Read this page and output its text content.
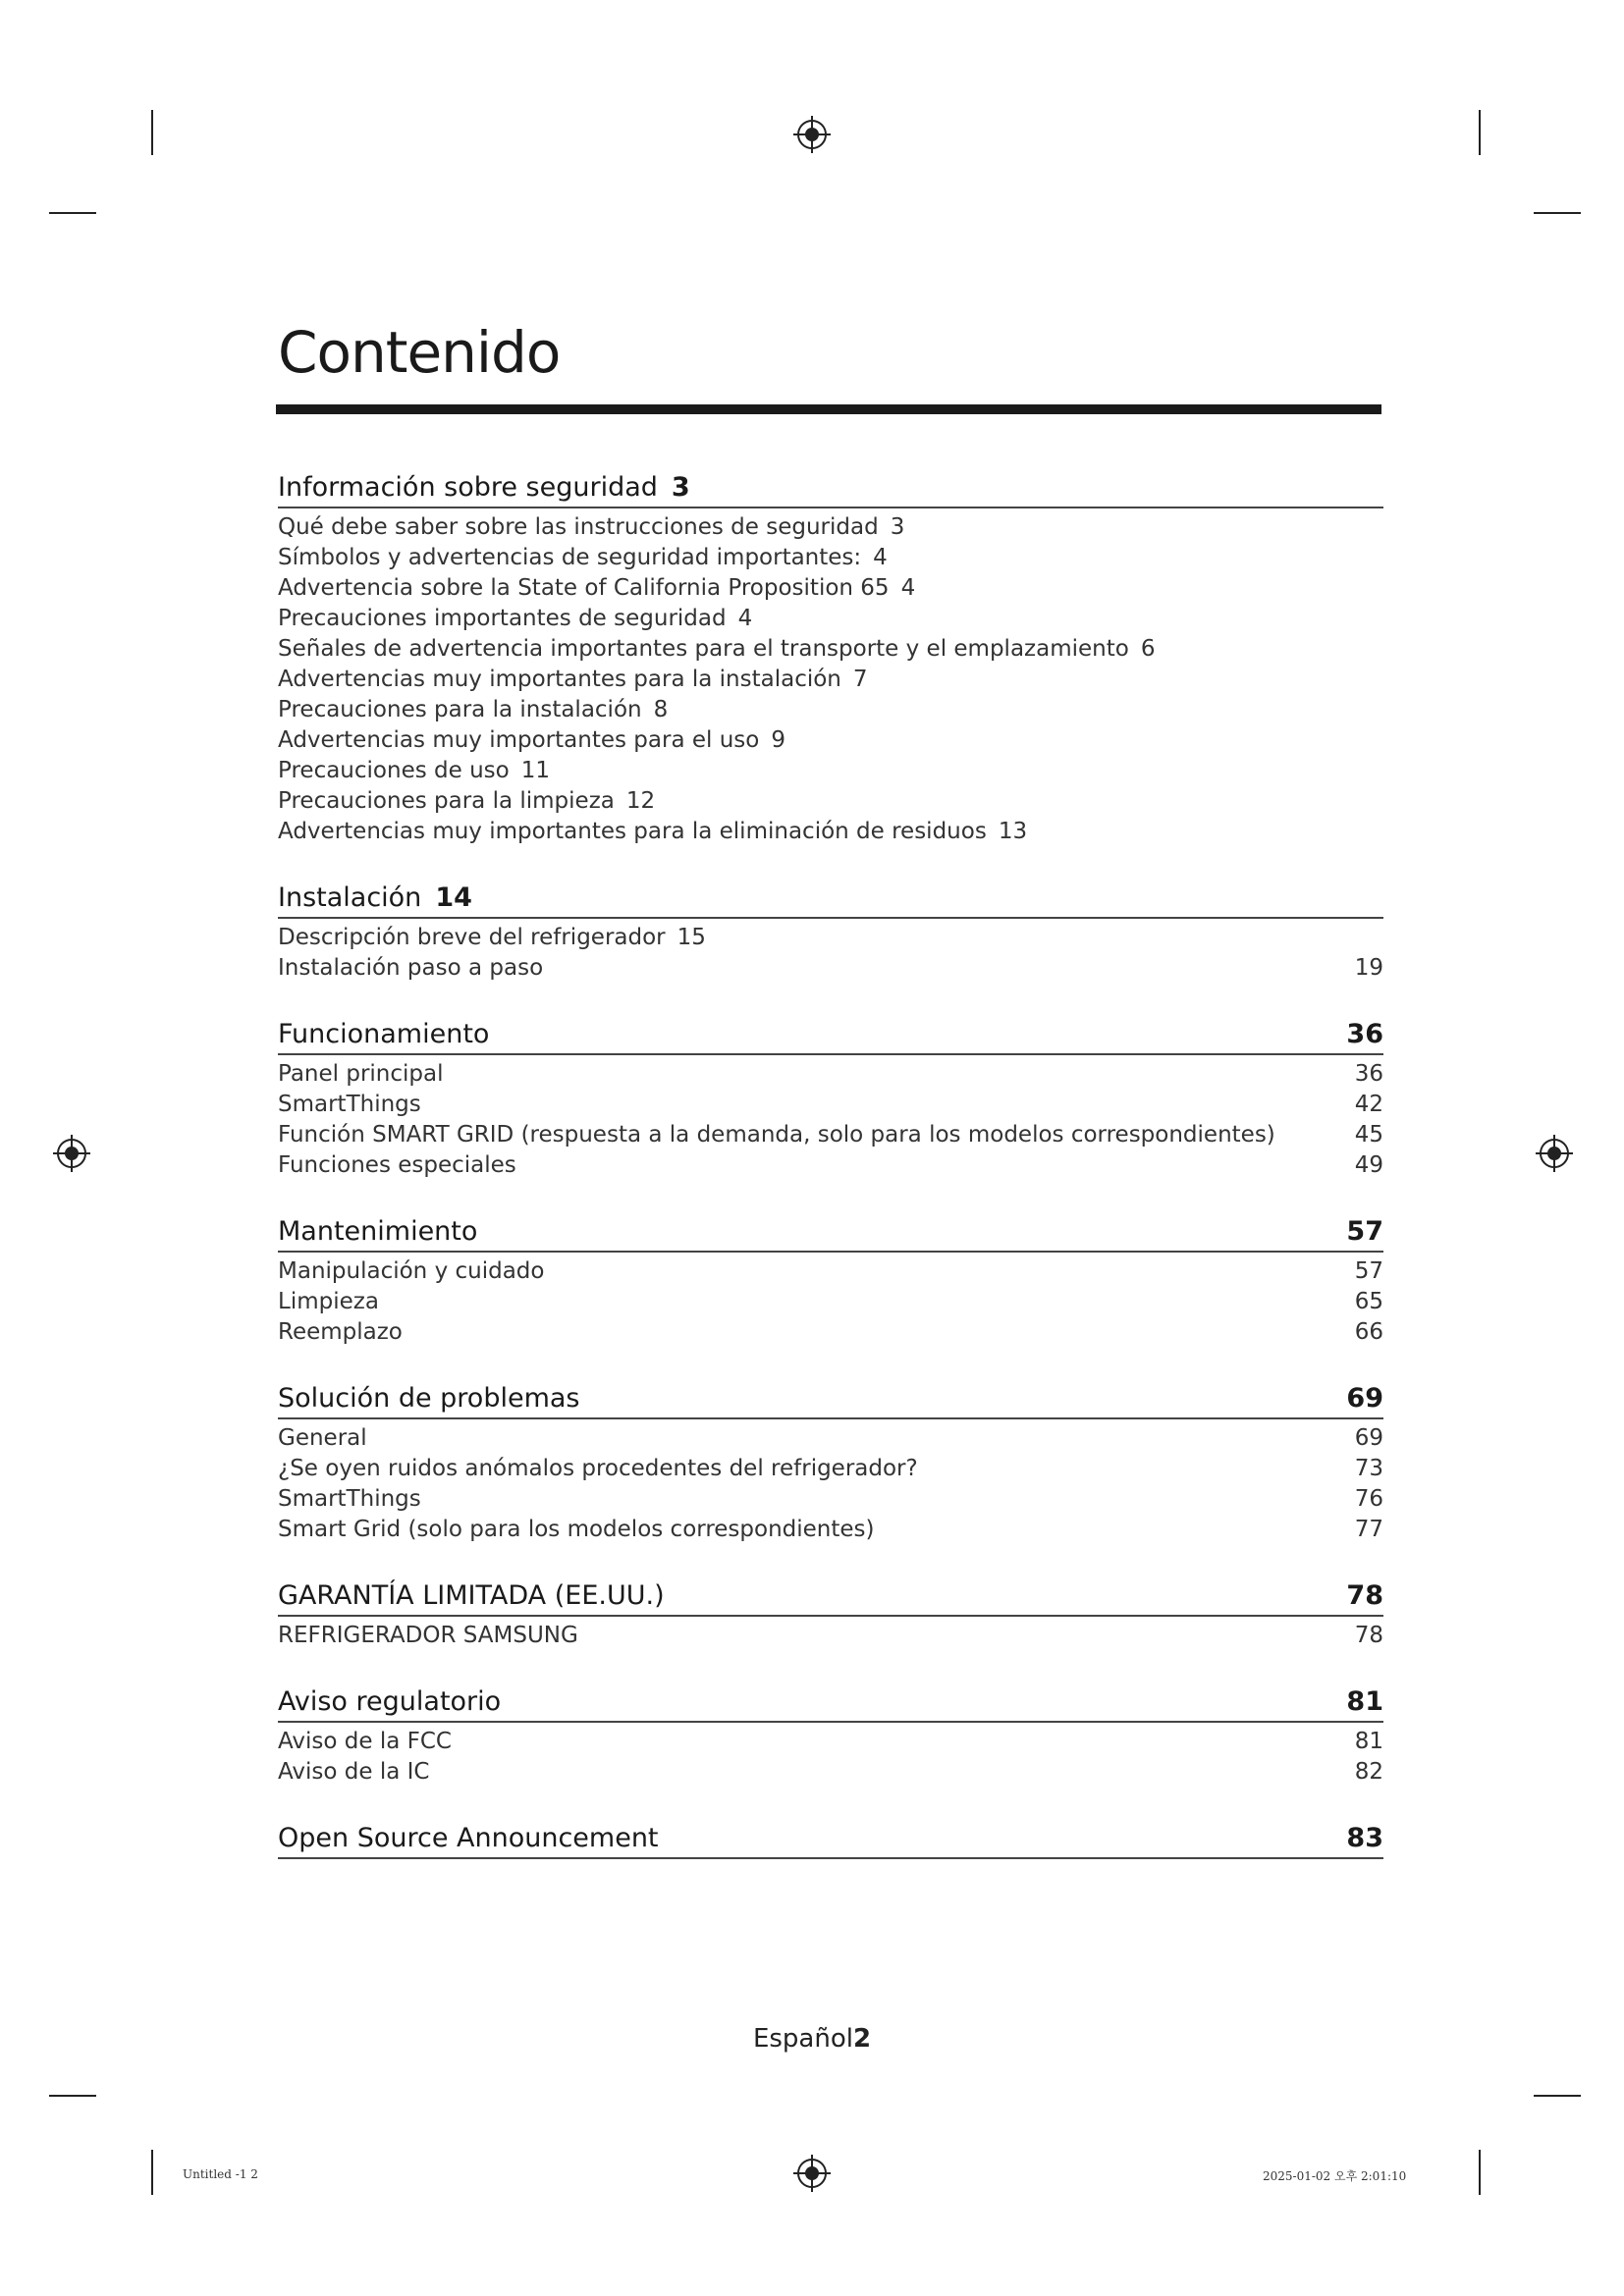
Contenido
Información sobre seguridad 3
Qué debe saber sobre las instrucciones de seguridad 3
Símbolos y advertencias de seguridad importantes: 4
Advertencia sobre la State of California Proposition 65 4
Precauciones importantes de seguridad 4
Señales de advertencia importantes para el transporte y el emplazamiento 6
Advertencias muy importantes para la instalación 7
Precauciones para la instalación 8
Advertencias muy importantes para el uso 9
Precauciones de uso 11
Precauciones para la limpieza 12
Advertencias muy importantes para la eliminación de residuos 13
Instalación 14
Descripción breve del refrigerador 15
Instalación paso a paso	19
Funcionamiento	36
Panel principal	36
SmartThings	42
Función SMART GRID (respuesta a la demanda, solo para los modelos correspondientes)	45
Funciones especiales	49
Mantenimiento	57
Manipulación y cuidado	57
Limpieza	65
Reemplazo	66
Solución de problemas	69
General	69
¿Se oyen ruidos anómalos procedentes del refrigerador?	73
SmartThings	76
Smart Grid (solo para los modelos correspondientes)	77
GARANTÍA LIMITADA (EE.UU.)	78
REFRIGERADOR SAMSUNG	78
Aviso regulatorio	81
Aviso de la FCC	81
Aviso de la IC	82
Open Source Announcement	83
Español2
Untitled -1 2	2025-01-02 오후 2:01:10
